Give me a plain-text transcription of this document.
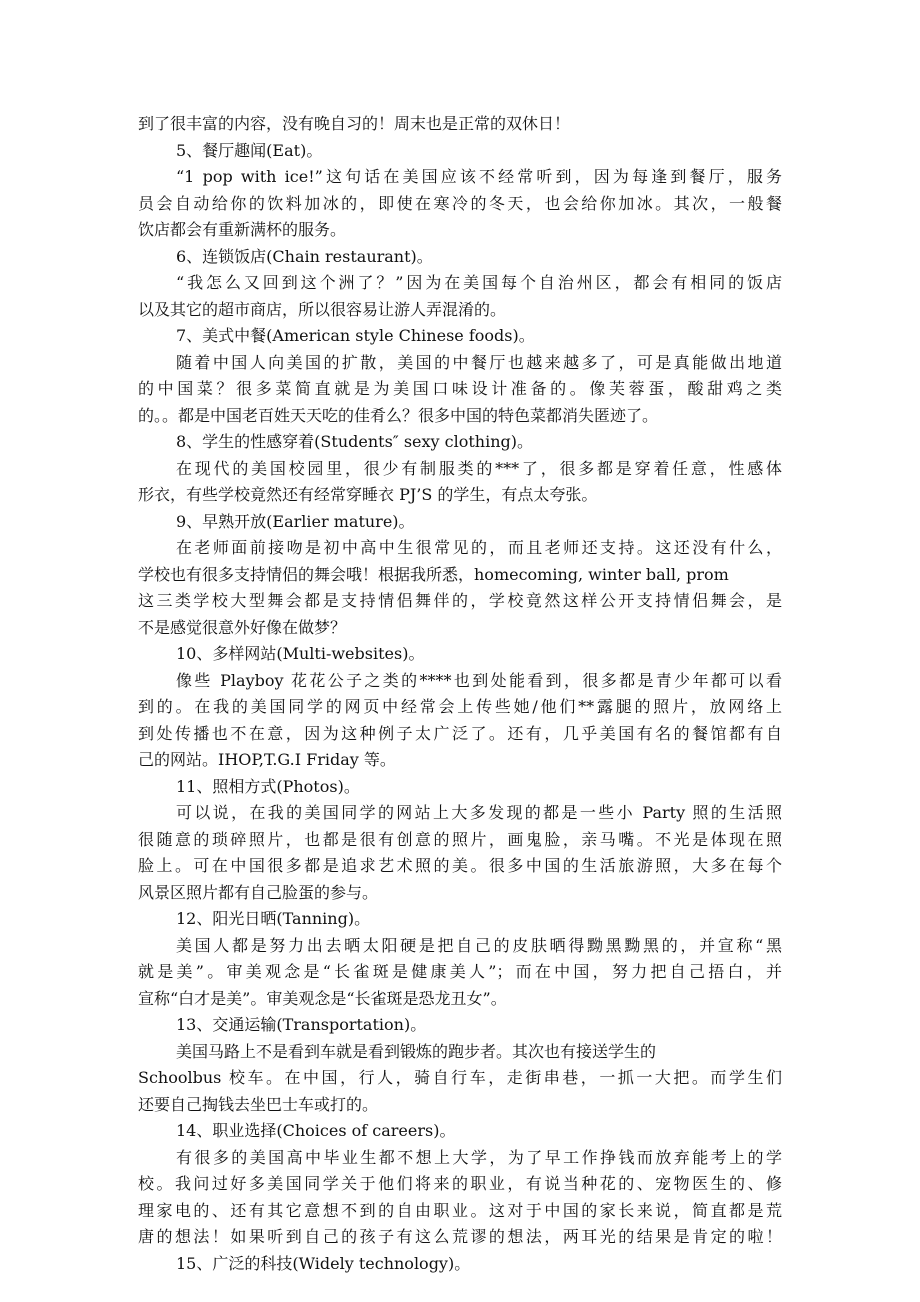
到了很丰富的内容，没有晚自习的！周末也是正常的双休日！
5、餐厅趣闻(Eat)。
“1 pop with ice!”这句话在美国应该不经常听到，因为每逢到餐厅，服务
员会自动给你的饮料加冰的，即使在寒冷的冬天，也会给你加冰。其次，一般餐
饮店都会有重新满杯的服务。
6、连锁饭店(Chain restaurant)。
“我怎么又回到这个洲了？”因为在美国每个自治州区，都会有相同的饭店
以及其它的超市商店，所以很容易让游人弄混淆的。
7、美式中餐(American style Chinese foods)。
随着中国人向美国的扩散，美国的中餐厅也越来越多了，可是真能做出地道
的中国菜？很多菜简直就是为美国口味设计准备的。像芙蓉蛋，酸甜鸡之类
的。。都是中国老百姓天天吃的佳肴么？很多中国的特色菜都消失匿迹了。
8、学生的性感穿着(Students″ sexy clothing)。
在现代的美国校园里，很少有制服类的***了，很多都是穿着任意，性感体
形衣，有些学校竟然还有经常穿睡衣 PJ’S 的学生，有点太夸张。
9、早熟开放(Earlier mature)。
在老师面前接吻是初中高中生很常见的，而且老师还支持。这还没有什么，
学校也有很多支持情侣的舞会哦！根据我所悉，homecoming, winter ball, prom
这三类学校大型舞会都是支持情侣舞伴的，学校竟然这样公开支持情侣舞会，是
不是感觉很意外好像在做梦？
10、多样网站(Multi-websites)。
像些 Playboy 花花公子之类的****也到处能看到，很多都是青少年都可以看
到的。在我的美国同学的网页中经常会上传些她/他们**露腿的照片，放网络上
到处传播也不在意，因为这种例子太广泛了。还有，几乎美国有名的餐馆都有自
己的网站。IHOP,T.G.I Friday 等。
11、照相方式(Photos)。
可以说，在我的美国同学的网站上大多发现的都是一些小 Party 照的生活照
很随意的琐碎照片，也都是很有创意的照片，画鬼脸，亲马嘴。不光是体现在照
脸上。可在中国很多都是追求艺术照的美。很多中国的生活旅游照，大多在每个
风景区照片都有自己脸蛋的参与。
12、阳光日晒(Tanning)。
美国人都是努力出去晒太阳硬是把自己的皮肤晒得黝黑黝黑的，并宣称“黑
就是美”。审美观念是“长雀斑是健康美人”；而在中国，努力把自己捂白，并
宣称“白才是美”。审美观念是“长雀斑是恐龙丑女”。
13、交通运输(Transportation)。
美国马路上不是看到车就是看到锻炼的跑步者。其次也有接送学生的
Schoolbus 校车。在中国，行人，骑自行车，走街串巷，一抓一大把。而学生们
还要自己掏钱去坐巴士车或打的。
14、职业选择(Choices of careers)。
有很多的美国高中毕业生都不想上大学，为了早工作挣钱而放弃能考上的学
校。我问过好多美国同学关于他们将来的职业，有说当种花的、宠物医生的、修
理家电的、还有其它意想不到的自由职业。这对于中国的家长来说，简直都是荒
唐的想法！如果听到自己的孩子有这么荒谬的想法，两耳光的结果是肯定的啦！
15、广泛的科技(Widely technology)。
